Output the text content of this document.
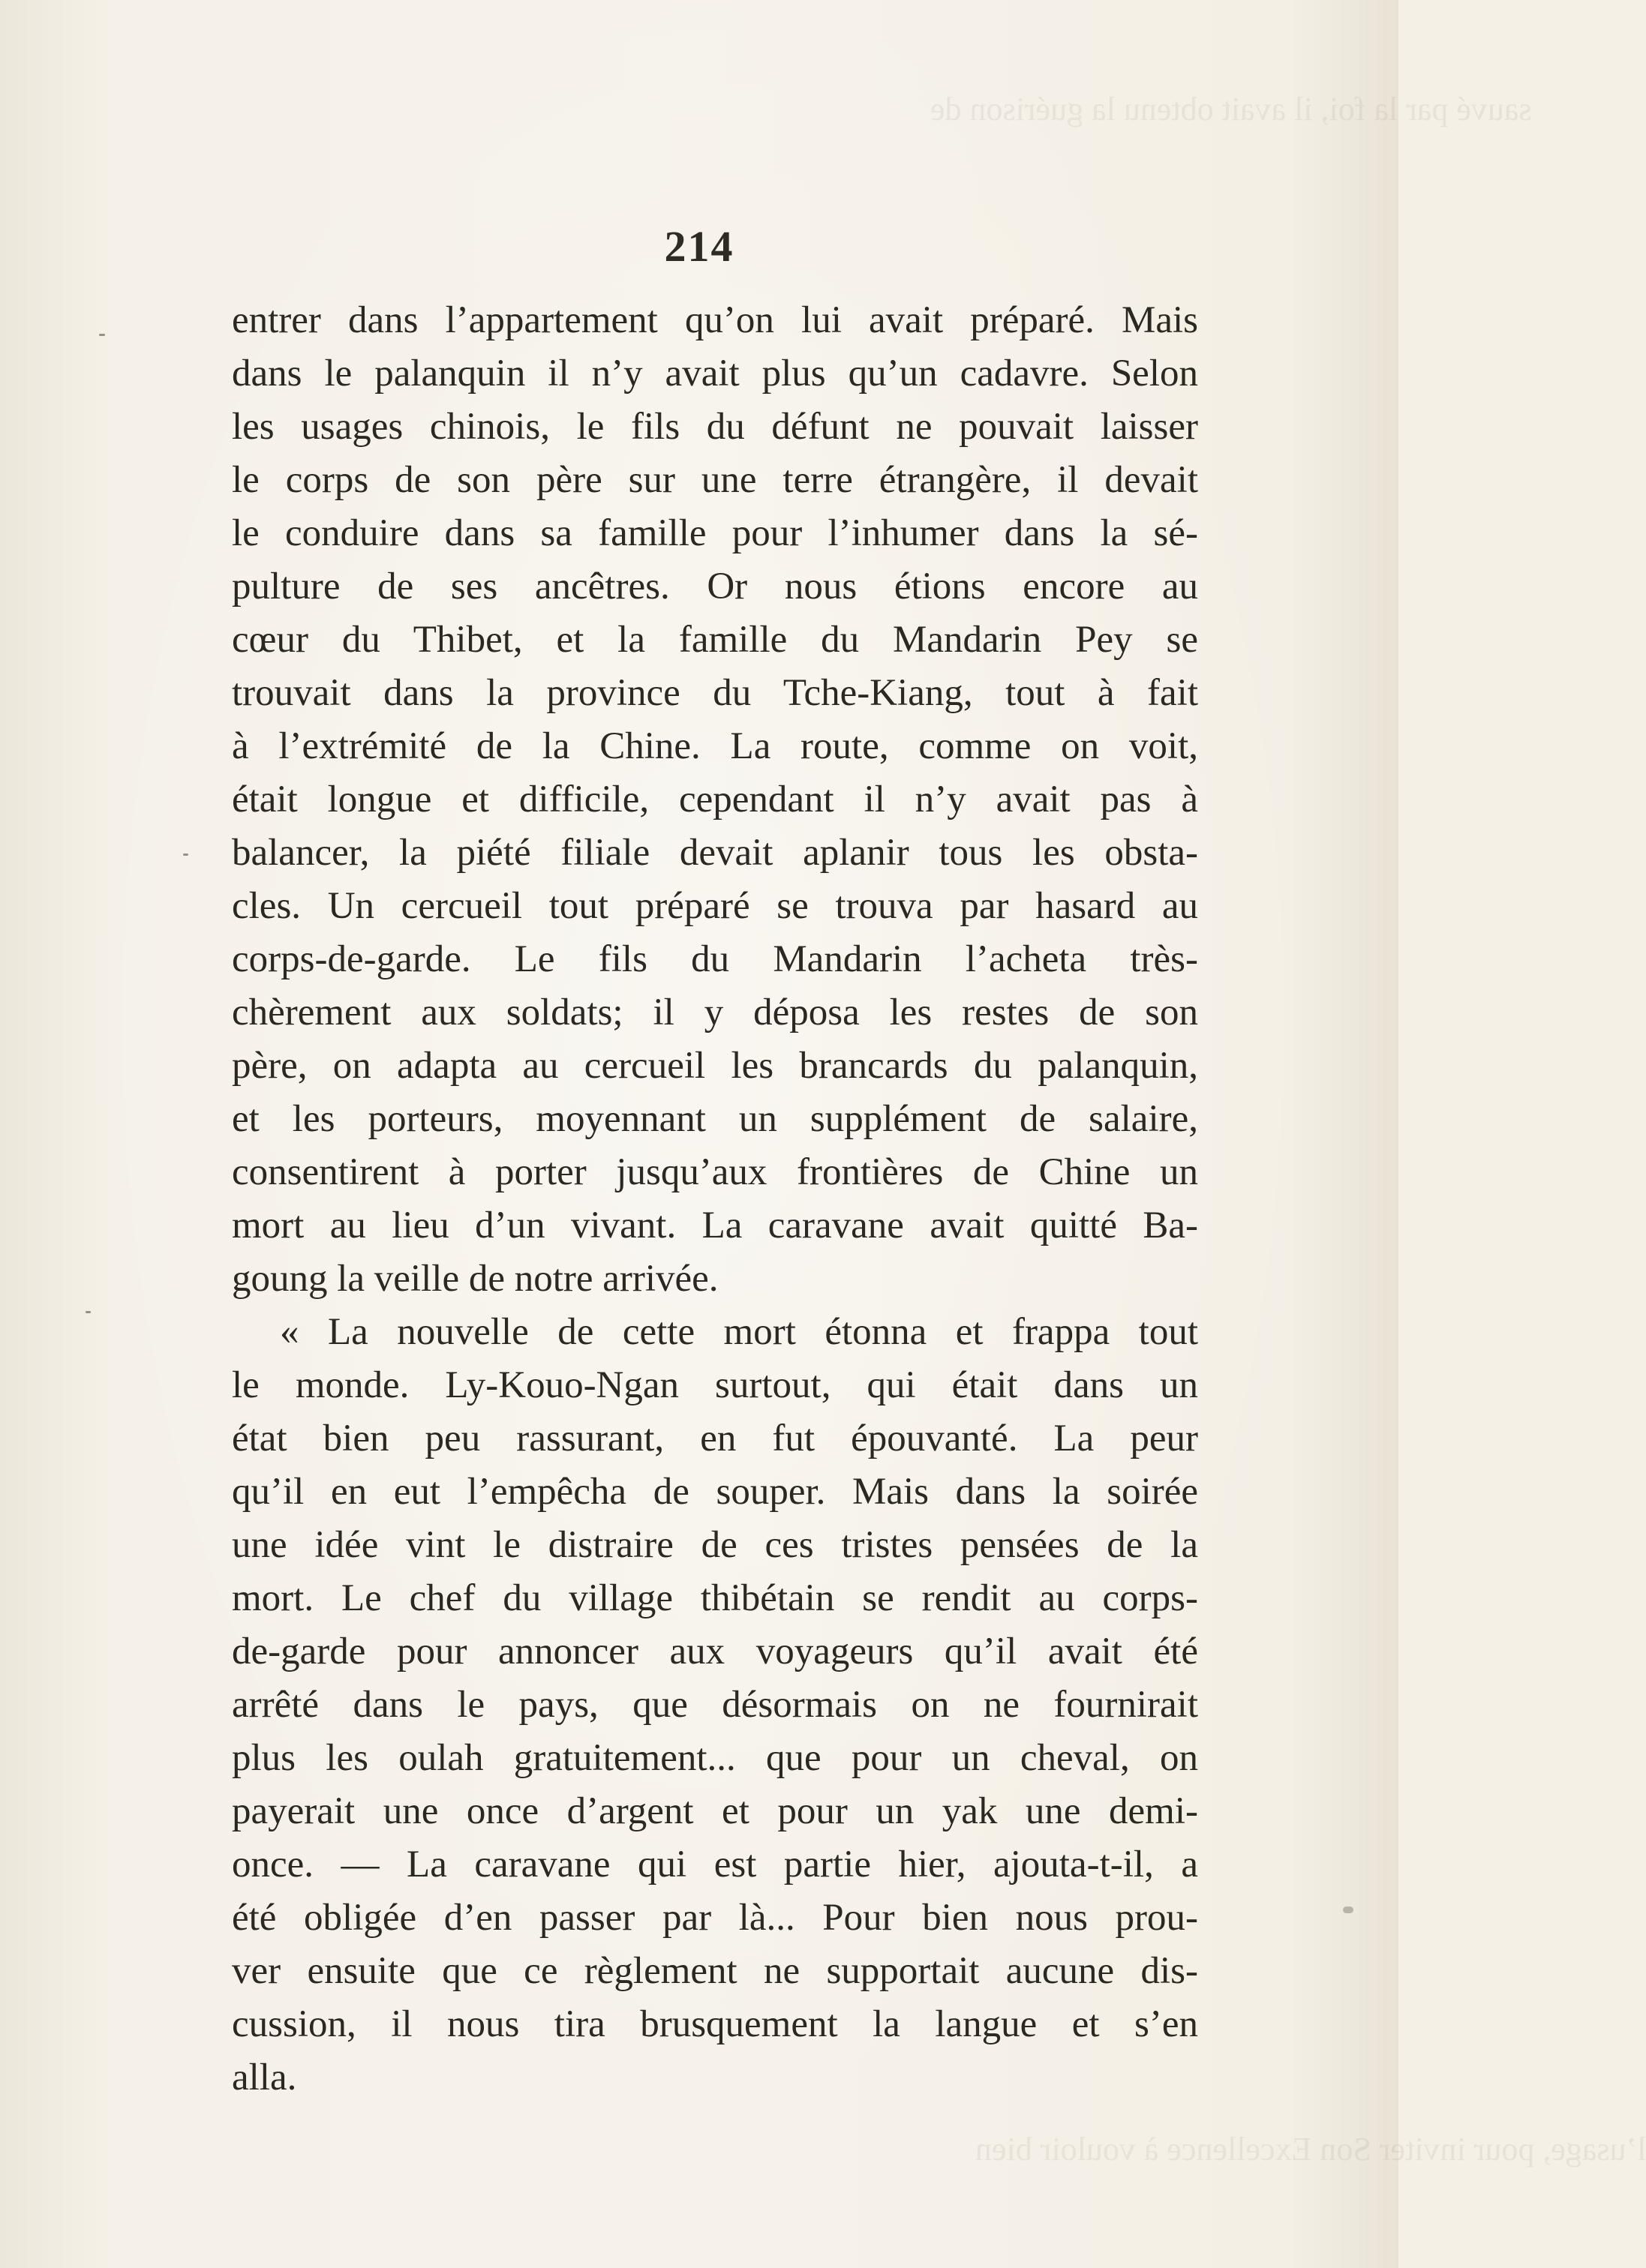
sauvé par la foi, il avait obtenu la guérison de
l’usage, pour inviter Son Excellence à vouloir bien
214
entrer dans l’appartement qu’on lui avait préparé. Mais
dans le palanquin il n’y avait plus qu’un cadavre. Selon
les usages chinois, le fils du défunt ne pouvait laisser
le corps de son père sur une terre étrangère, il devait
le conduire dans sa famille pour l’inhumer dans la sé-
pulture de ses ancêtres. Or nous étions encore au
cœur du Thibet, et la famille du Mandarin Pey se
trouvait dans la province du Tche-Kiang, tout à fait
à l’extrémité de la Chine. La route, comme on voit,
était longue et difficile, cependant il n’y avait pas à
balancer, la piété filiale devait aplanir tous les obsta-
cles. Un cercueil tout préparé se trouva par hasard au
corps-de-garde. Le fils du Mandarin l’acheta très-
chèrement aux soldats; il y déposa les restes de son
père, on adapta au cercueil les brancards du palanquin,
et les porteurs, moyennant un supplément de salaire,
consentirent à porter jusqu’aux frontières de Chine un
mort au lieu d’un vivant. La caravane avait quitté Ba-
goung la veille de notre arrivée.
« La nouvelle de cette mort étonna et frappa tout
le monde. Ly-Kouo-Ngan surtout, qui était dans un
état bien peu rassurant, en fut épouvanté. La peur
qu’il en eut l’empêcha de souper. Mais dans la soirée
une idée vint le distraire de ces tristes pensées de la
mort. Le chef du village thibétain se rendit au corps-
de-garde pour annoncer aux voyageurs qu’il avait été
arrêté dans le pays, que désormais on ne fournirait
plus les oulah gratuitement... que pour un cheval, on
payerait une once d’argent et pour un yak une demi-
once. — La caravane qui est partie hier, ajouta-t-il, a
été obligée d’en passer par là... Pour bien nous prou-
ver ensuite que ce règlement ne supportait aucune dis-
cussion, il nous tira brusquement la langue et s’en
alla.
